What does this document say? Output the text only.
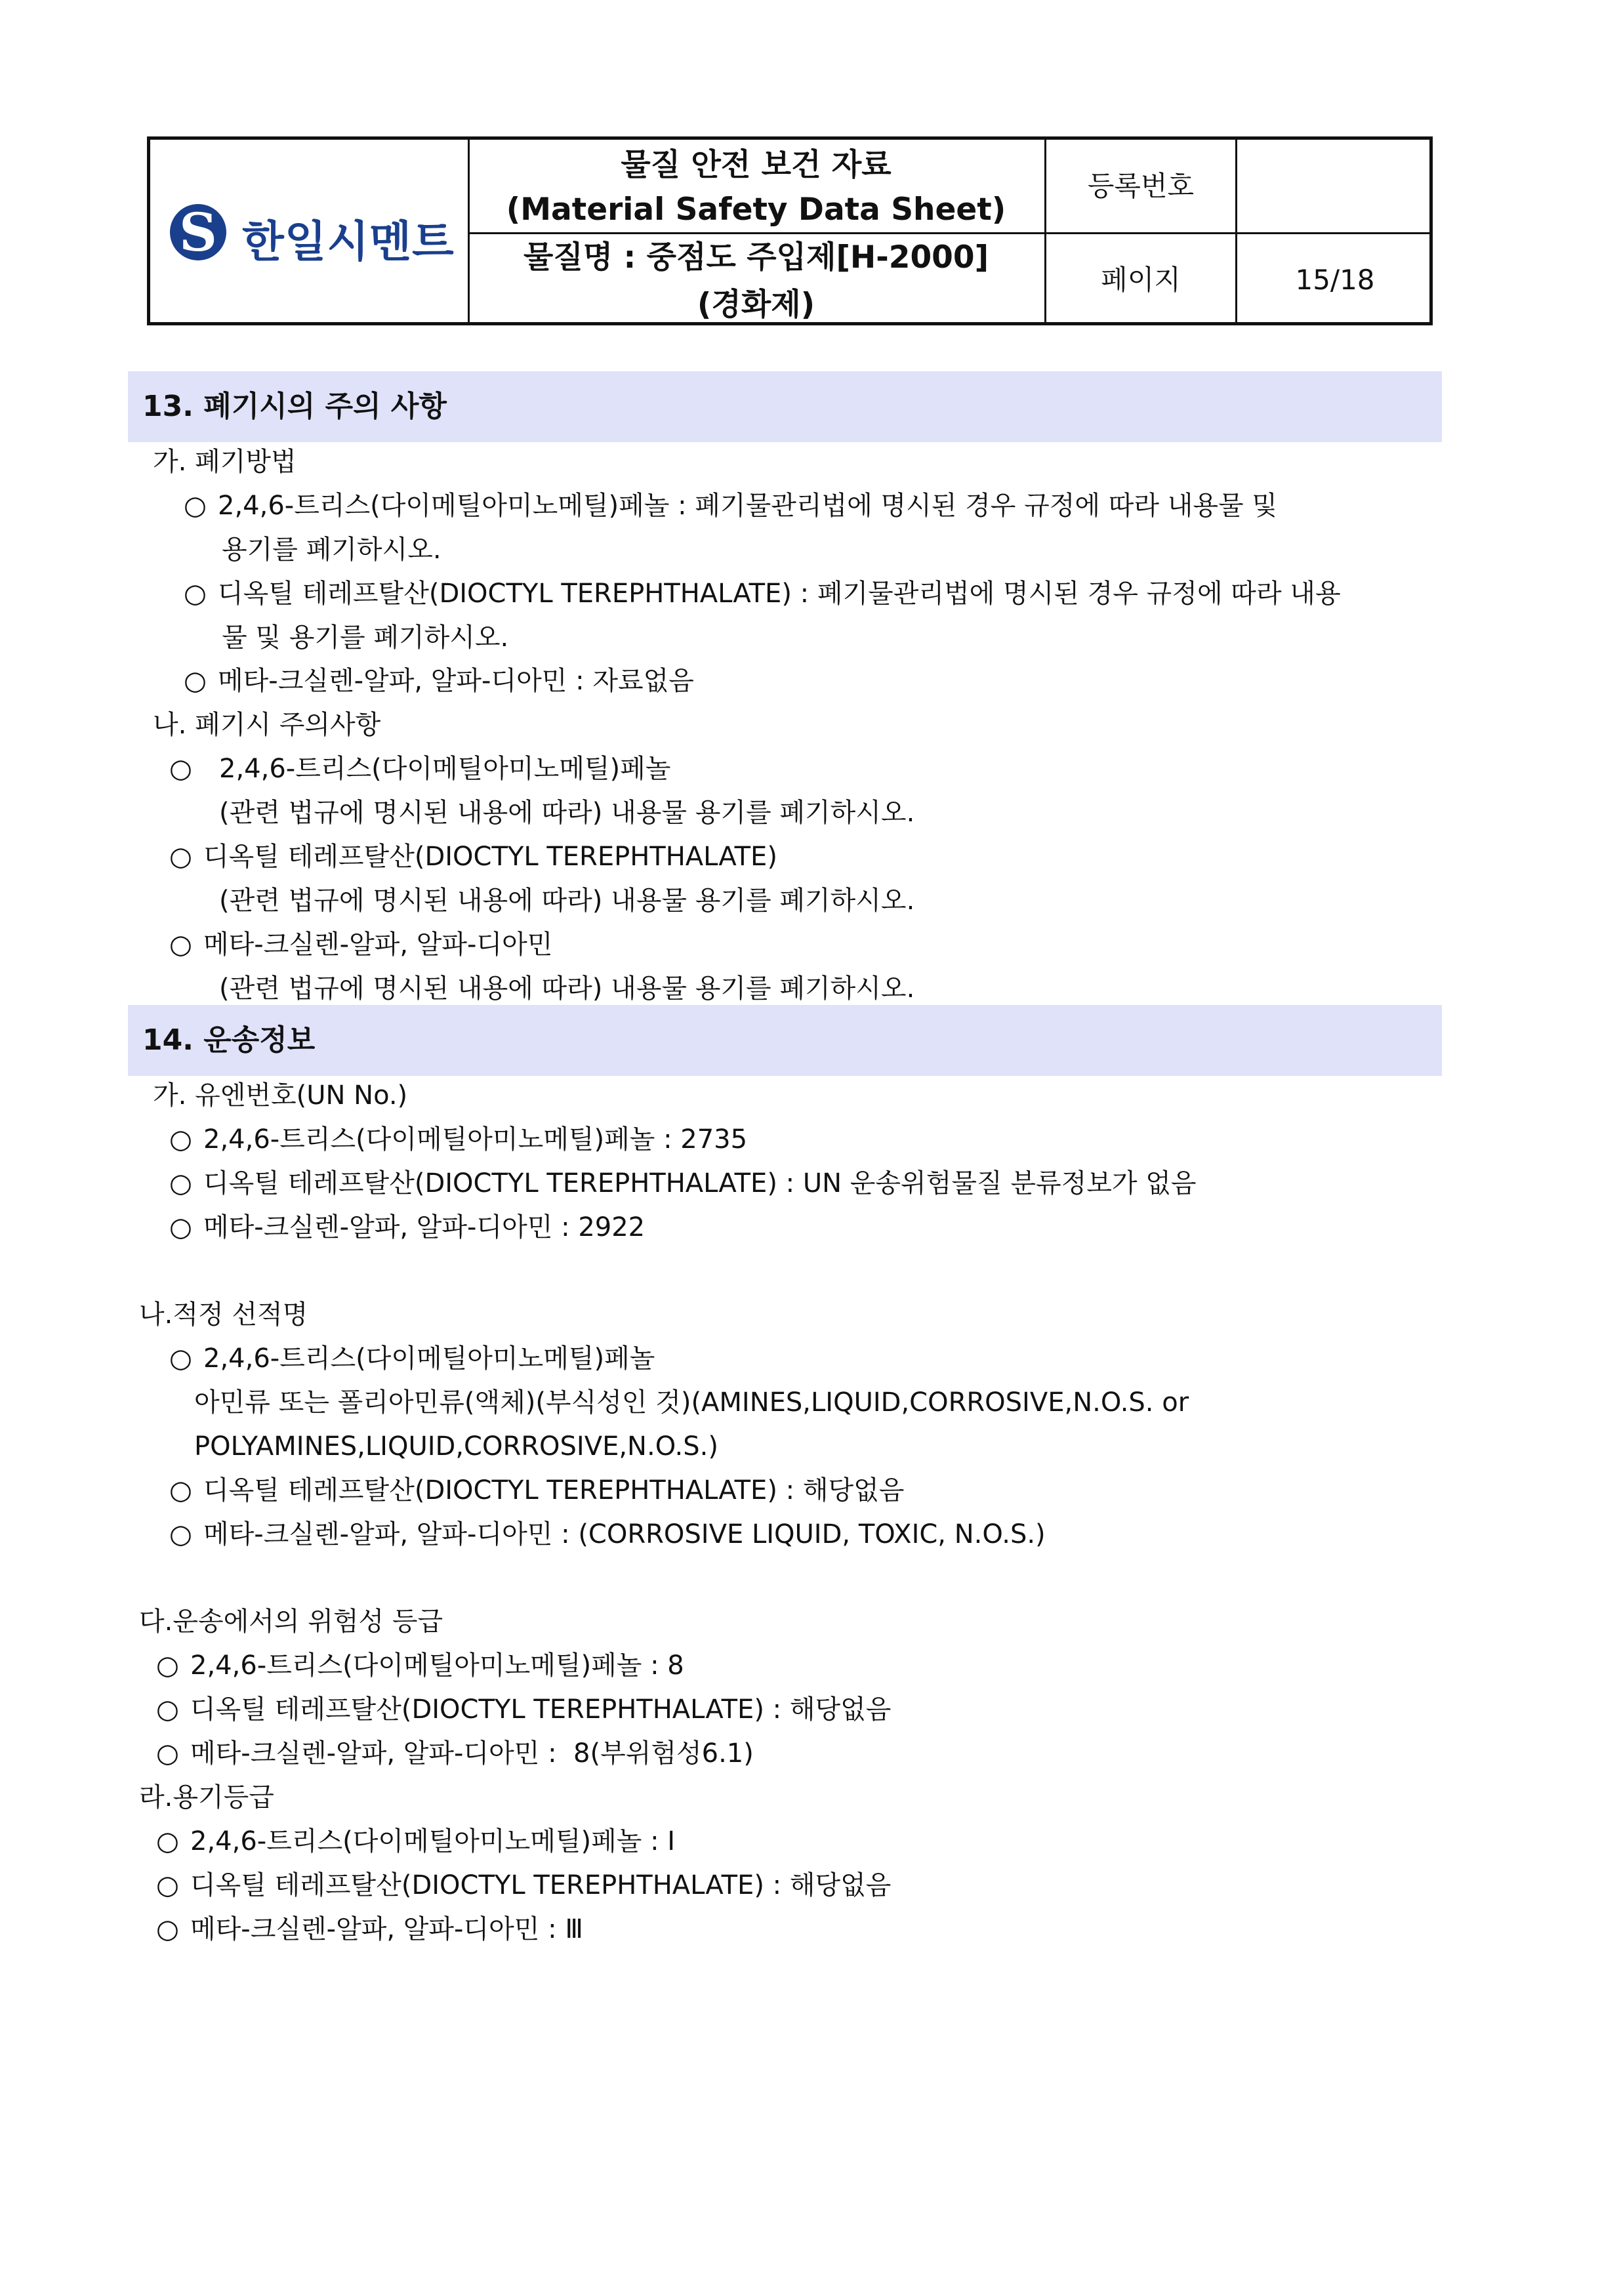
S 한일시멘트
물질 안전 보건 자료
(Material Safety Data Sheet)
물질명 : 중점도 주입제[H-2000]
(경화제)
등록번호
페이지	15/18
13. 폐기시의 주의 사항
가. 폐기방법
○ 2,4,6-트리스(다이메틸아미노메틸)페놀 : 폐기물관리법에 명시된 경우 규정에 따라 내용물 및
용기를 폐기하시오.
○ 디옥틸 테레프탈산(DIOCTYL TEREPHTHALATE) : 폐기물관리법에 명시된 경우 규정에 따라 내용
물 및 용기를 폐기하시오.
○ 메타-크실렌-알파, 알파-디아민 : 자료없음
나. 폐기시 주의사항
○ 2,4,6-트리스(다이메틸아미노메틸)페놀
(관련 법규에 명시된 내용에 따라) 내용물 용기를 폐기하시오.
○ 디옥틸 테레프탈산(DIOCTYL TEREPHTHALATE)
(관련 법규에 명시된 내용에 따라) 내용물 용기를 폐기하시오.
○ 메타-크실렌-알파, 알파-디아민
(관련 법규에 명시된 내용에 따라) 내용물 용기를 폐기하시오.
14. 운송정보
가. 유엔번호(UN No.)
○ 2,4,6-트리스(다이메틸아미노메틸)페놀 : 2735
○ 디옥틸 테레프탈산(DIOCTYL TEREPHTHALATE) : UN 운송위험물질 분류정보가 없음
○ 메타-크실렌-알파, 알파-디아민 : 2922
나.적정 선적명
○ 2,4,6-트리스(다이메틸아미노메틸)페놀
아민류 또는 폴리아민류(액체)(부식성인 것)(AMINES,LIQUID,CORROSIVE,N.O.S. or
POLYAMINES,LIQUID,CORROSIVE,N.O.S.)
○ 디옥틸 테레프탈산(DIOCTYL TEREPHTHALATE) : 해당없음
○ 메타-크실렌-알파, 알파-디아민 : (CORROSIVE LIQUID, TOXIC, N.O.S.)
다.운송에서의 위험성 등급
○ 2,4,6-트리스(다이메틸아미노메틸)페놀 : 8
○ 디옥틸 테레프탈산(DIOCTYL TEREPHTHALATE) : 해당없음
○ 메타-크실렌-알파, 알파-디아민 :  8(부위험성6.1)
라.용기등급
○ 2,4,6-트리스(다이메틸아미노메틸)페놀 : Ⅰ
○ 디옥틸 테레프탈산(DIOCTYL TEREPHTHALATE) : 해당없음
○ 메타-크실렌-알파, 알파-디아민 : Ⅲ
